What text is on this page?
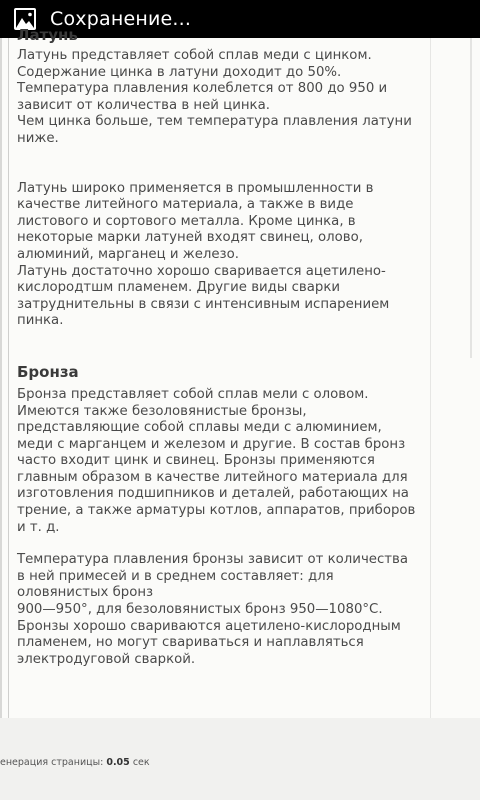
Сохранение...
Латунь

Латунь представляет собой сплав меди с цинком. Содержание цинка в латуни доходит до 50%. Температура плавления колеблется от 800 до 950 и зависит от количества в ней цинка.

Чем цинка больше, тем температура плавления латуни ниже.

Латунь широко применяется в промышленности в качестве литейного материала, а также в виде листового и сортового металла. Кроме цинка, в некоторые марки латуней входят свинец, олово, алюминий, марганец и железо.

Латунь достаточно хорошо сваривается ацетилено-кислородтшм пламенем. Другие виды сварки затруднительны в связи с интенсивным испарением пинка.

Бронза

Бронза представляет собой сплав мели с оловом. Имеются также безоловянистые бронзы, представляющие собой сплавы меди с алюминием, меди с марганцем и железом и другие. В состав бронз часто входит цинк и свинец. Бронзы применяются главным образом в качестве литейного материала для изготовления подшипников и деталей, работающих на трение, а также арматуры котлов, аппаратов, приборов и т. д.

Температура плавления бронзы зависит от количества в ней примесей и в среднем составляет: для оловянистых бронз

900—950°, для безоловянистых бронз 950—1080°C. Бронзы хорошо свариваются ацетилено-кислородным пламенем, но могут свариваться и наплавляться электродуговой сваркой.

енерация страницы: 0.05 сек
